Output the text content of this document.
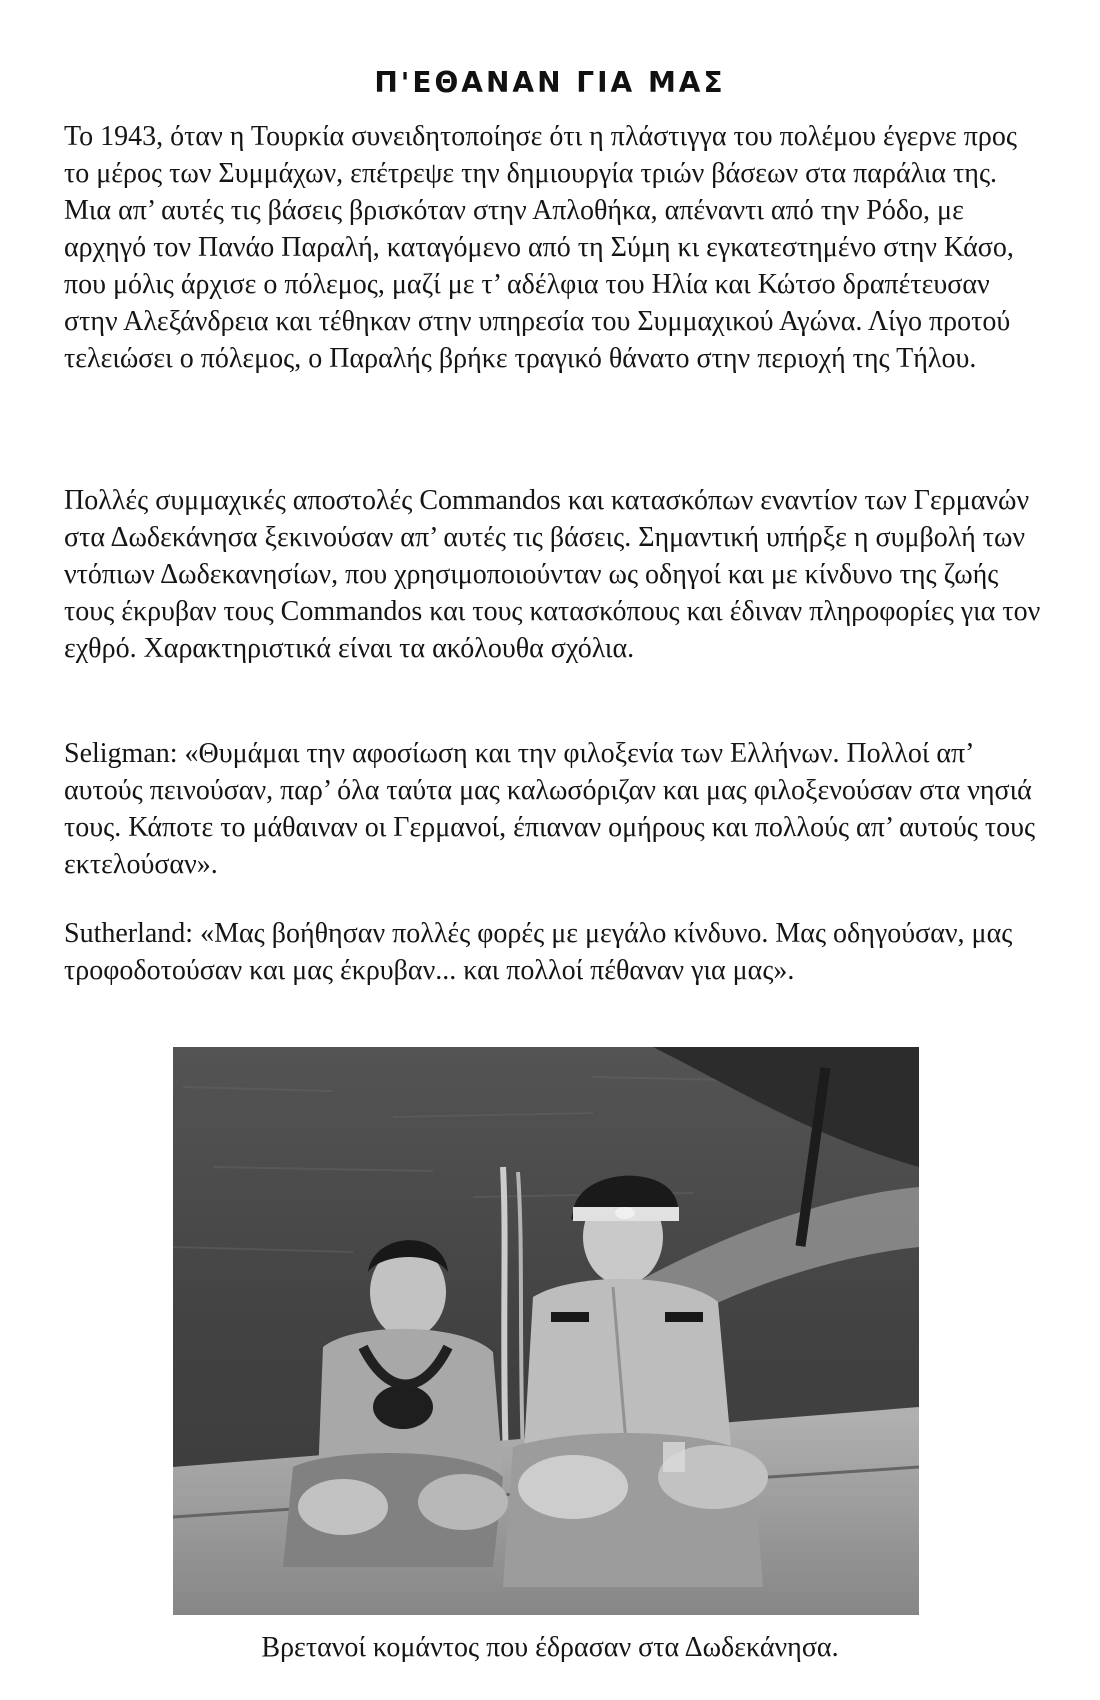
Π'ΕΘΑΝΑΝ ΓΙΑ ΜΑΣ

Το 1943, όταν η Τουρκία συνειδητοποίησε ότι η πλάστιγγα του πολέμου έγερνε προς το μέρος των Συμμάχων, επέτρεψε την δημιουργία τριών βάσεων στα παράλια της. Μια απ’ αυτές τις βάσεις βρισκόταν στην Απλοθήκα, απέναντι από την Ρόδο, με αρχηγό τον Πανάο Παραλή, καταγόμενο από τη Σύμη κι εγκατεστημένο στην Κάσο, που μόλις άρχισε ο πόλεμος, μαζί με τ’ αδέλφια του Ηλία και Κώτσο δραπέτευσαν στην Αλεξάνδρεια και τέθηκαν στην υπηρεσία του Συμμαχικού Αγώνα. Λίγο προτού τελειώσει ο πόλεμος, ο Παραλής βρήκε τραγικό θάνατο στην περιοχή της Τήλου.

Πολλές συμμαχικές αποστολές Commandos και κατασκόπων εναντίον των Γερμανών στα Δωδεκάνησα ξεκινούσαν απ’ αυτές τις βάσεις. Σημαντική υπήρξε η συμβολή των ντόπιων Δωδεκανησίων, που χρησιμοποιούνταν ως οδηγοί και με κίνδυνο της ζωής τους έκρυβαν τους Commandos και τους κατασκόπους και έδιναν πληροφορίες για τον εχθρό. Χαρακτηριστικά είναι τα ακόλουθα σχόλια.

Seligman: «Θυμάμαι την αφοσίωση και την φιλοξενία των Ελλήνων. Πολλοί απ’ αυτούς πεινούσαν, παρ’ όλα ταύτα μας καλωσόριζαν και μας φιλοξενούσαν στα νησιά τους. Κάποτε το μάθαιναν οι Γερμανοί, έπιαναν ομήρους και πολλούς απ’ αυτούς τους εκτελούσαν».

Sutherland: «Μας βοήθησαν πολλές φορές με μεγάλο κίνδυνο. Μας οδηγούσαν, μας τροφοδοτούσαν και μας έκρυβαν... και πολλοί πέθαναν για μας».

Βρετανοί κομάντος που έδρασαν στα Δωδεκάνησα.
